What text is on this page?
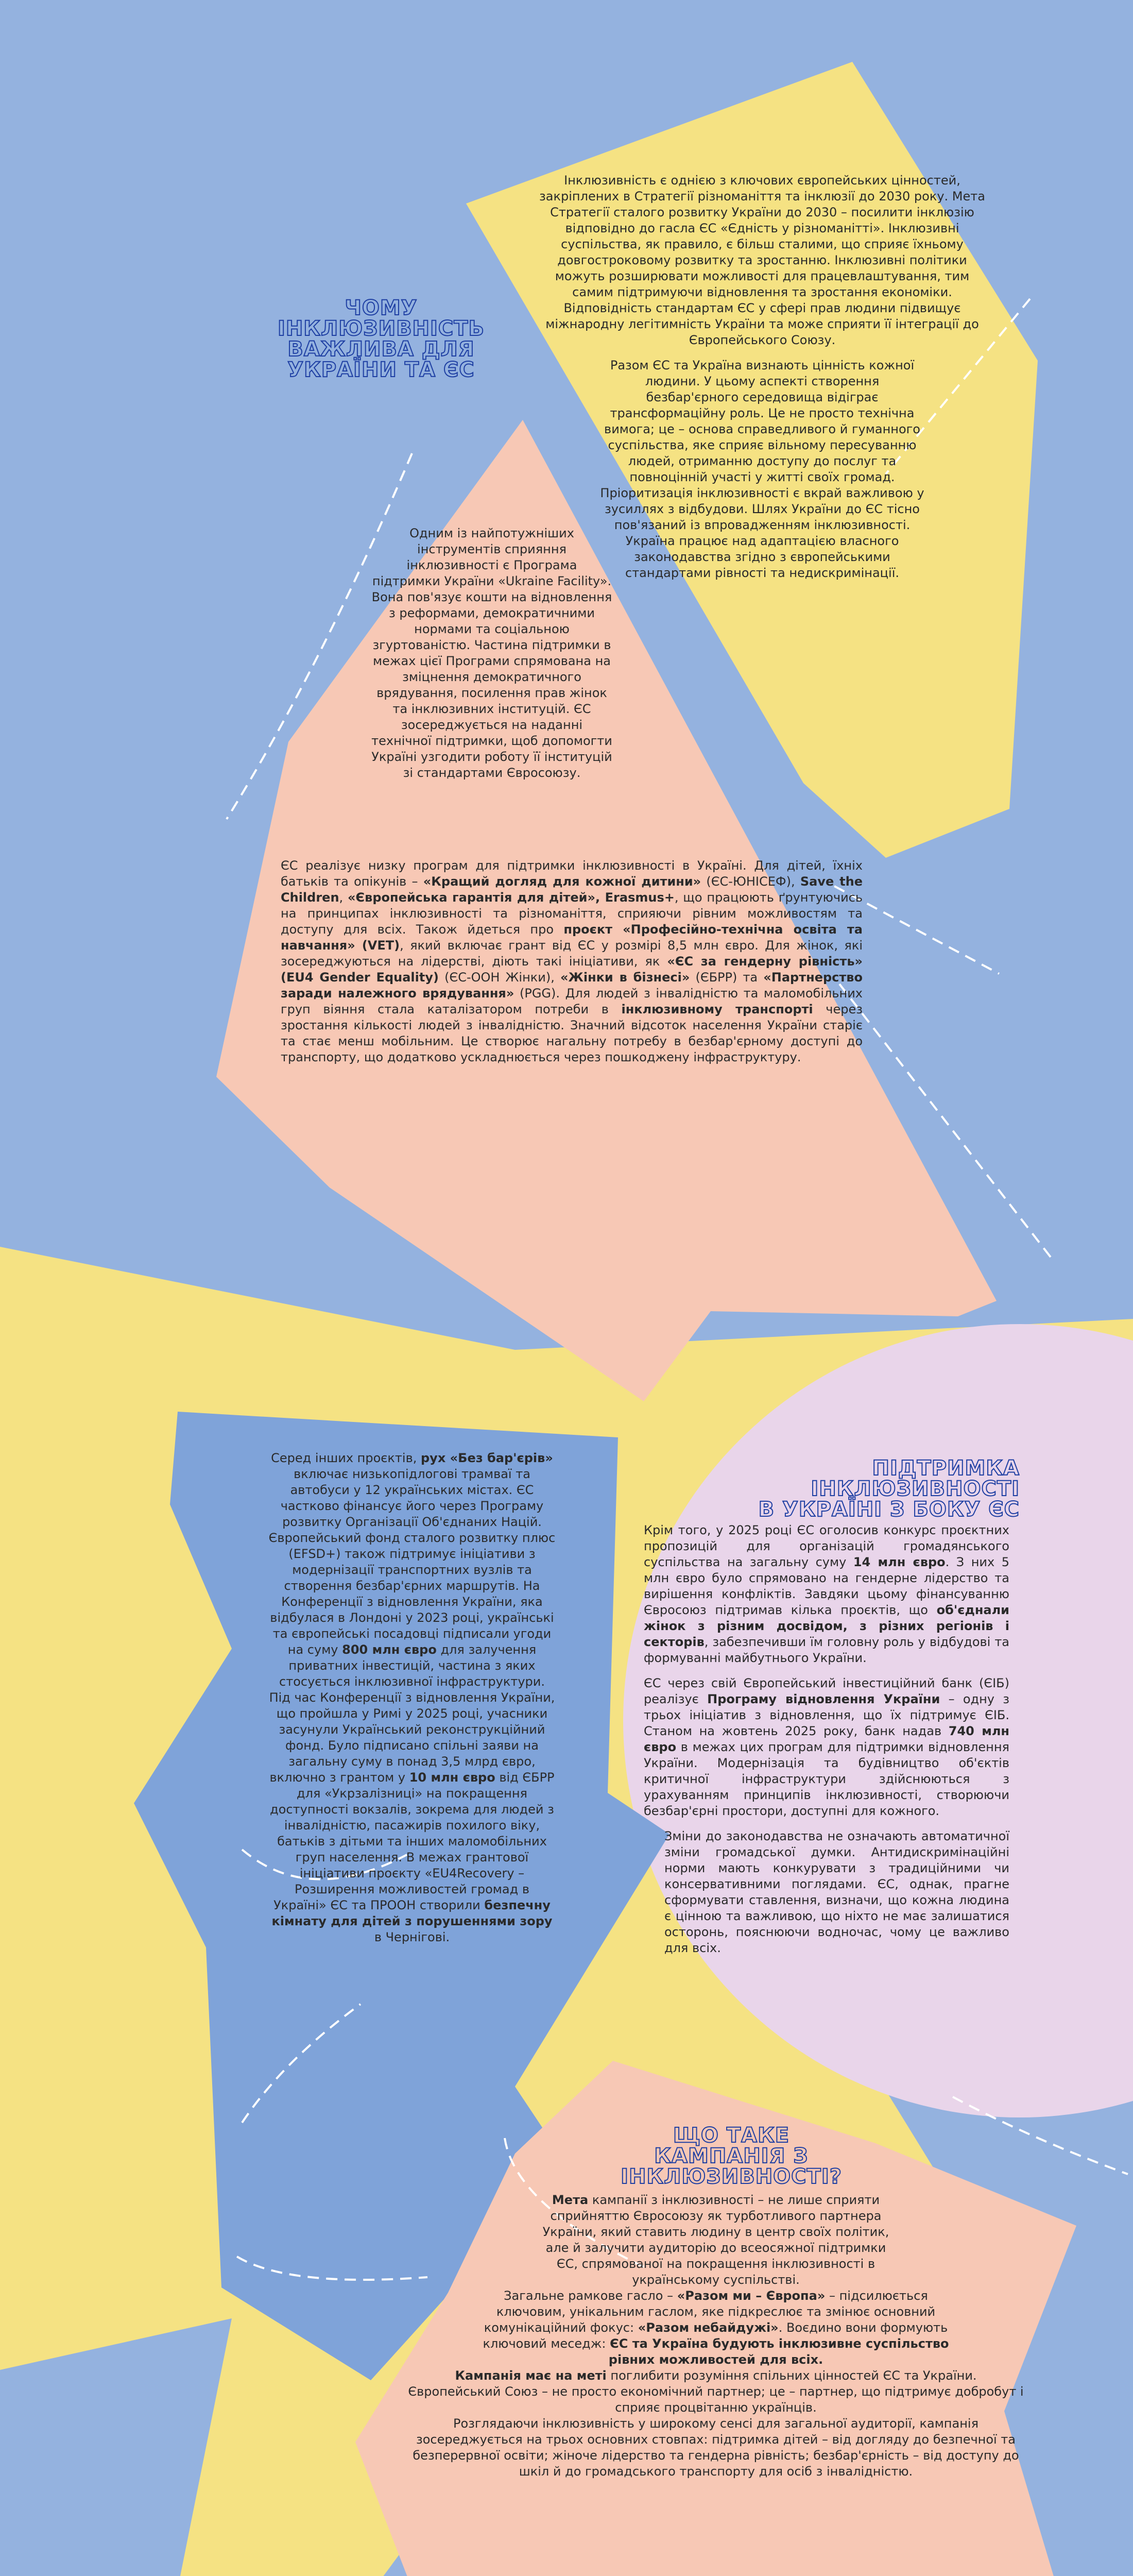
ЧОМУ
ІНКЛЮЗИВНІСТЬ
ВАЖЛИВА ДЛЯ
УКРАЇНИ ТА ЄС

Інклюзивність є однією з ключових європейських цінностей, закріплених в Стратегії різноманіття та інклюзії до 2030 року. Мета Стратегії сталого розвитку України до 2030 – посилити інклюзію відповідно до гасла ЄС «Єдність у різноманітті». Інклюзивні суспільства, як правило, є більш сталими, що сприяє їхньому довгостроковому розвитку та зростанню. Інклюзивні політики можуть розширювати можливості для працевлаштування, тим самим підтримуючи відновлення та зростання економіки. Відповідність стандартам ЄС у сфері прав людини підвищує міжнародну легітимність України та може сприяти її інтеграції до Європейського Союзу.

Разом ЄС та Україна визнають цінність кожної людини. У цьому аспекті створення безбар'єрного середовища відіграє трансформаційну роль. Це не просто технічна вимога; це – основа справедливого й гуманного суспільства, яке сприяє вільному пересуванню людей, отриманню доступу до послуг та повноцінній участі у житті своїх громад. Пріоритизація інклюзивності є вкрай важливою у зусиллях з відбудови. Шлях України до ЄС тісно пов'язаний із впровадженням інклюзивності. Україна працює над адаптацією власного законодавства згідно з європейськими стандартами рівності та недискримінації.

Одним із найпотужніших інструментів сприяння інклюзивності є Програма підтримки України «Ukraine Facility». Вона пов'язує кошти на відновлення з реформами, демократичними нормами та соціальною згуртованістю. Частина підтримки в межах цієї Програми спрямована на зміцнення демократичного врядування, посилення прав жінок та інклюзивних інституцій. ЄС зосереджується на наданні технічної підтримки, щоб допомогти Україні узгодити роботу її інституцій зі стандартами Євросоюзу.

ЄС реалізує низку програм для підтримки інклюзивності в Україні. Для дітей, їхніх батьків та опікунів – «Кращий догляд для кожної дитини» (ЄС-ЮНІСЕФ), Save the Children, «Європейська гарантія для дітей», Erasmus+, що працюють ґрунтуючись на принципах інклюзивності та різноманіття, сприяючи рівним можливостям та доступу для всіх. Також йдеться про проєкт «Професійно-технічна освіта та навчання» (VET), який включає грант від ЄС у розмірі 8,5 млн євро. Для жінок, які зосереджуються на лідерстві, діють такі ініціативи, як «ЄС за гендерну рівність» (EU4 Gender Equality) (ЄС-ООН Жінки), «Жінки в бізнесі» (ЄБРР) та «Партнерство заради належного врядування» (PGG). Для людей з інвалідністю та маломобільних груп віяння стала каталізатором потреби в інклюзивному транспорті через зростання кількості людей з інвалідністю. Значний відсоток населення України старіє та стає менш мобільним. Це створює нагальну потребу в безбар'єрному доступі до транспорту, що додатково ускладнюється через пошкоджену інфраструктуру.

Серед інших проєктів, рух «Без бар'єрів» включає низькопідлогові трамваї та автобуси у 12 українських містах. ЄС частково фінансує його через Програму розвитку Організації Об'єднаних Націй. Європейський фонд сталого розвитку плюс (EFSD+) також підтримує ініціативи з модернізації транспортних вузлів та створення безбар'єрних маршрутів. На Конференції з відновлення України, яка відбулася в Лондоні у 2023 році, українські та європейські посадовці підписали угоди на суму 800 млн євро для залучення приватних інвестицій, частина з яких стосується інклюзивної інфраструктури. Під час Конференції з відновлення України, що пройшла у Римі у 2025 році, учасники засунули Український реконструкційний фонд. Було підписано спільні заяви на загальну суму в понад 3,5 млрд євро, включно з грантом у 10 млн євро від ЄБРР для «Укрзалізниці» на покращення доступності вокзалів, зокрема для людей з інвалідністю, пасажирів похилого віку, батьків з дітьми та інших маломобільних груп населення. В межах грантової ініціативи проєкту «EU4Recovery – Розширення можливостей громад в Україні» ЄС та ПРООН створили безпечну кімнату для дітей з порушеннями зору в Чернігові.

ПІДТРИМКА
ІНКЛЮЗИВНОСТІ
В УКРАЇНІ З БОКУ ЄС

Крім того, у 2025 році ЄС оголосив конкурс проєктних пропозицій для організацій громадянського суспільства на загальну суму 14 млн євро. З них 5 млн євро було спрямовано на гендерне лідерство та вирішення конфліктів. Завдяки цьому фінансуванню Євросоюз підтримав кілька проєктів, що об'єднали жінок з різним досвідом, з різних регіонів і секторів, забезпечивши їм головну роль у відбудові та формуванні майбутнього України.

ЄС через свій Європейський інвестиційний банк (ЄІБ) реалізує Програму відновлення України – одну з трьох ініціатив з відновлення, що їх підтримує ЄІБ. Станом на жовтень 2025 року, банк надав 740 млн євро в межах цих програм для підтримки відновлення України. Модернізація та будівництво об'єктів критичної інфраструктури здійснюються з урахуванням принципів інклюзивності, створюючи безбар'єрні простори, доступні для кожного.

Зміни до законодавства не означають автоматичної зміни громадської думки. Антидискримінаційні норми мають конкурувати з традиційними чи консервативними поглядами. ЄС, однак, прагне сформувати ставлення, визначи, що кожна людина є цінною та важливою, що ніхто не має залишатися осторонь, пояснюючи водночас, чому це важливо для всіх.

ЩО ТАКЕ
КАМПАНІЯ З
ІНКЛЮЗИВНОСТІ?

Мета кампанії з інклюзивності – не лише сприяти сприйняттю Євросоюзу як турботливого партнера України, який ставить людину в центр своїх політик, але й залучити аудиторію до всеосяжної підтримки ЄС, спрямованої на покращення інклюзивності в українському суспільстві.

Загальне рамкове гасло – «Разом ми – Європа» – підсилюється ключовим, унікальним гаслом, яке підкреслює та змінює основний комунікаційний фокус: «Разом небайдужі». Воєдино вони формують ключовий меседж: ЄС та Україна будують інклюзивне суспільство рівних можливостей для всіх.

Кампанія має на меті поглибити розуміння спільних цінностей ЄС та України. Європейський Союз – не просто економічний партнер; це – партнер, що підтримує добробут і сприяє процвітанню українців.

Розглядаючи інклюзивність у широкому сенсі для загальної аудиторії, кампанія зосереджується на трьох основних стовпах: підтримка дітей – від догляду до безпечної та безперервної освіти; жіноче лідерство та гендерна рівність; безбар'єрність – від доступу до шкіл й до громадського транспорту для осіб з інвалідністю.
